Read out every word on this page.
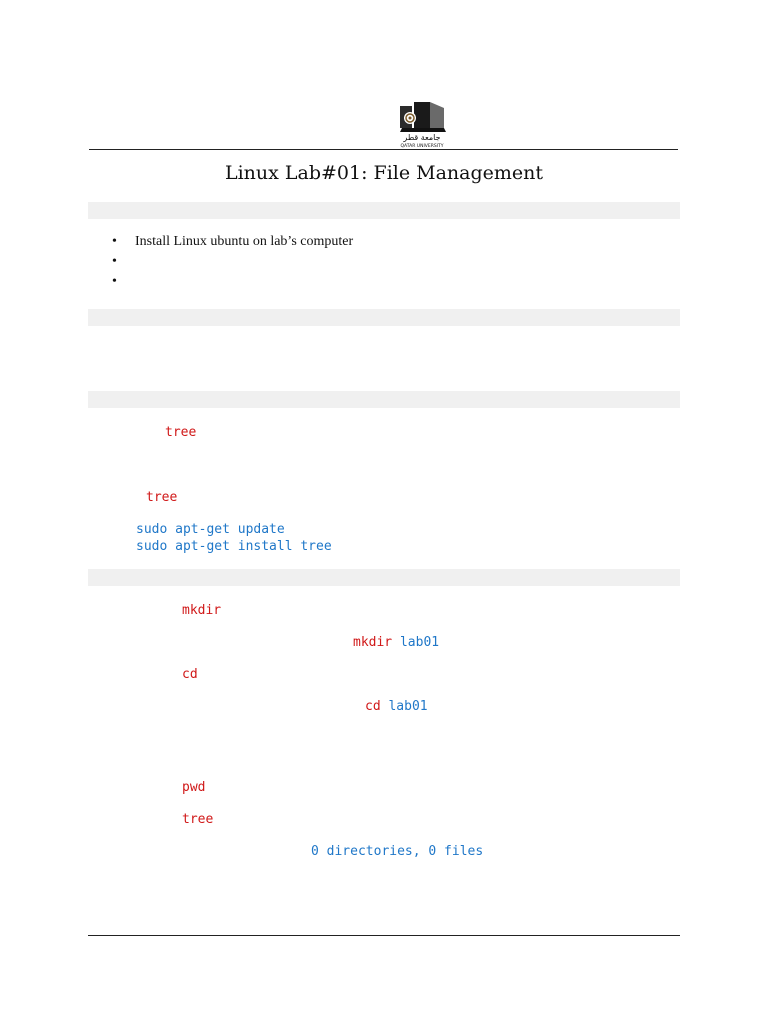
جامعة قطر
QATAR UNIVERSITY
Linux Lab#01: File Management
• Install Linux ubuntu on lab’s computer
•
•
tree
tree
sudo apt-get update
sudo apt-get install tree
mkdir
mkdir lab01
cd
cd lab01
pwd
tree
0 directories, 0 files
